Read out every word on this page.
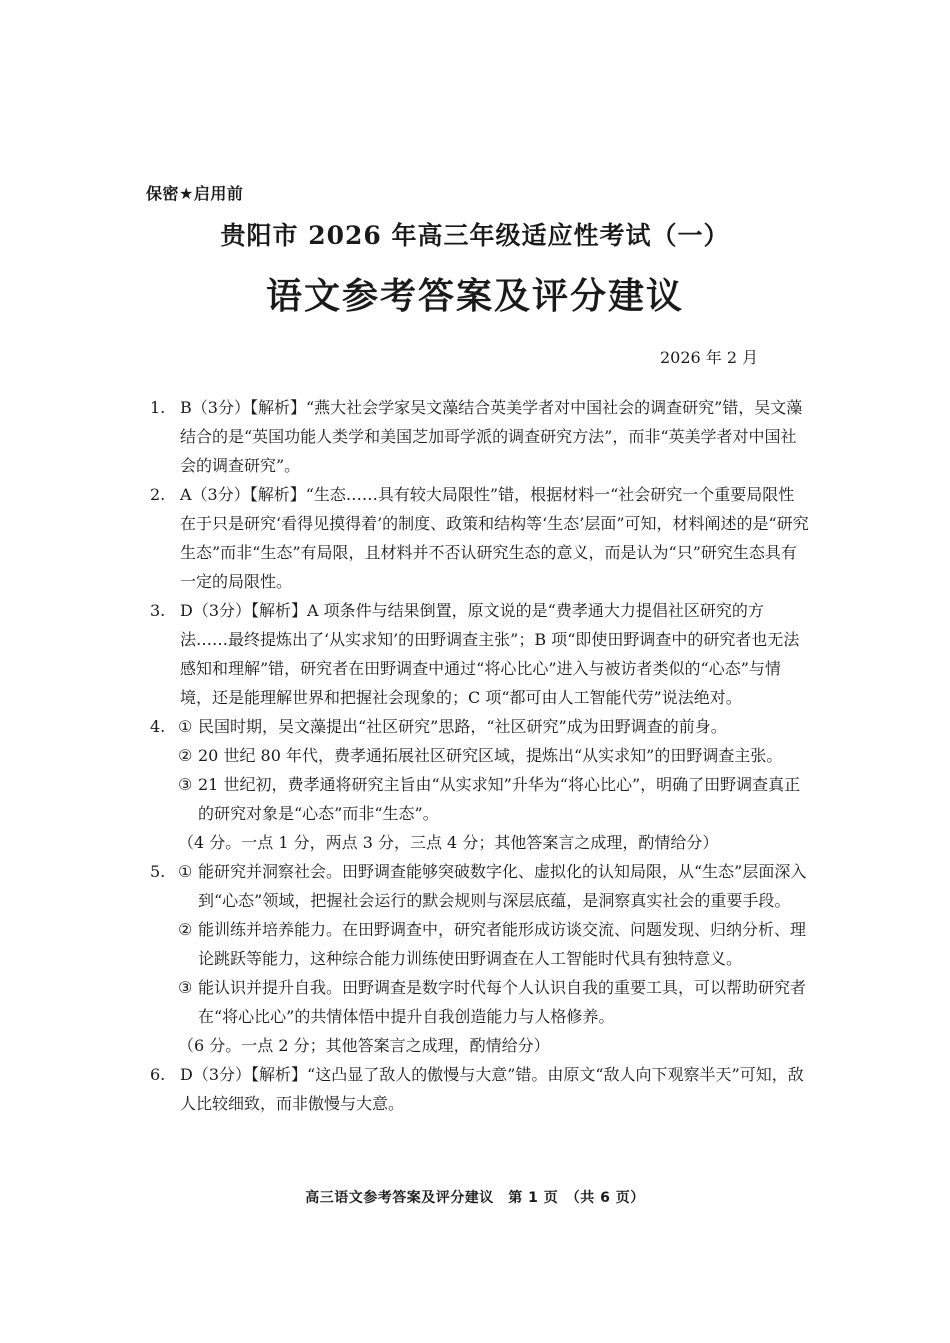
保密★启用前
贵阳市 2026 年高三年级适应性考试（一）
语文参考答案及评分建议
2026 年 2 月
1. B（3分）【解析】“燕大社会学家吴文藻结合英美学者对中国社会的调查研究”错，吴文藻结合的是“英国功能人类学和美国芝加哥学派的调查研究方法”，而非“英美学者对中国社会的调查研究”。
2. A（3分）【解析】“生态……具有较大局限性”错，根据材料一“社会研究一个重要局限性在于只是研究‘看得见摸得着’的制度、政策和结构等‘生态’层面”可知，材料阐述的是“研究生态”而非“生态”有局限，且材料并不否认研究生态的意义，而是认为“只”研究生态具有一定的局限性。
3. D（3分）【解析】A 项条件与结果倒置，原文说的是“费孝通大力提倡社区研究的方法……最终提炼出了‘从实求知’的田野调查主张”；B 项“即使田野调查中的研究者也无法感知和理解”错，研究者在田野调查中通过“将心比心”进入与被访者类似的“心态”与情境，还是能理解世界和把握社会现象的；C 项“都可由人工智能代劳”说法绝对。
4. ① 民国时期，吴文藻提出“社区研究”思路，“社区研究”成为田野调查的前身。
② 20 世纪 80 年代，费孝通拓展社区研究区域，提炼出“从实求知”的田野调查主张。
③ 21 世纪初，费孝通将研究主旨由“从实求知”升华为“将心比心”，明确了田野调查真正的研究对象是“心态”而非“生态”。
（4 分。一点 1 分，两点 3 分，三点 4 分；其他答案言之成理，酌情给分）
5. ① 能研究并洞察社会。田野调查能够突破数字化、虚拟化的认知局限，从“生态”层面深入到“心态”领域，把握社会运行的默会规则与深层底蕴，是洞察真实社会的重要手段。
② 能训练并培养能力。在田野调查中，研究者能形成访谈交流、问题发现、归纳分析、理论跳跃等能力，这种综合能力训练使田野调查在人工智能时代具有独特意义。
③ 能认识并提升自我。田野调查是数字时代每个人认识自我的重要工具，可以帮助研究者在“将心比心”的共情体悟中提升自我创造能力与人格修养。
（6 分。一点 2 分；其他答案言之成理，酌情给分）
6. D（3分）【解析】“这凸显了敌人的傲慢与大意”错。由原文“敌人向下观察半天”可知，敌人比较细致，而非傲慢与大意。
高三语文参考答案及评分建议　第 1 页　（共 6 页）
